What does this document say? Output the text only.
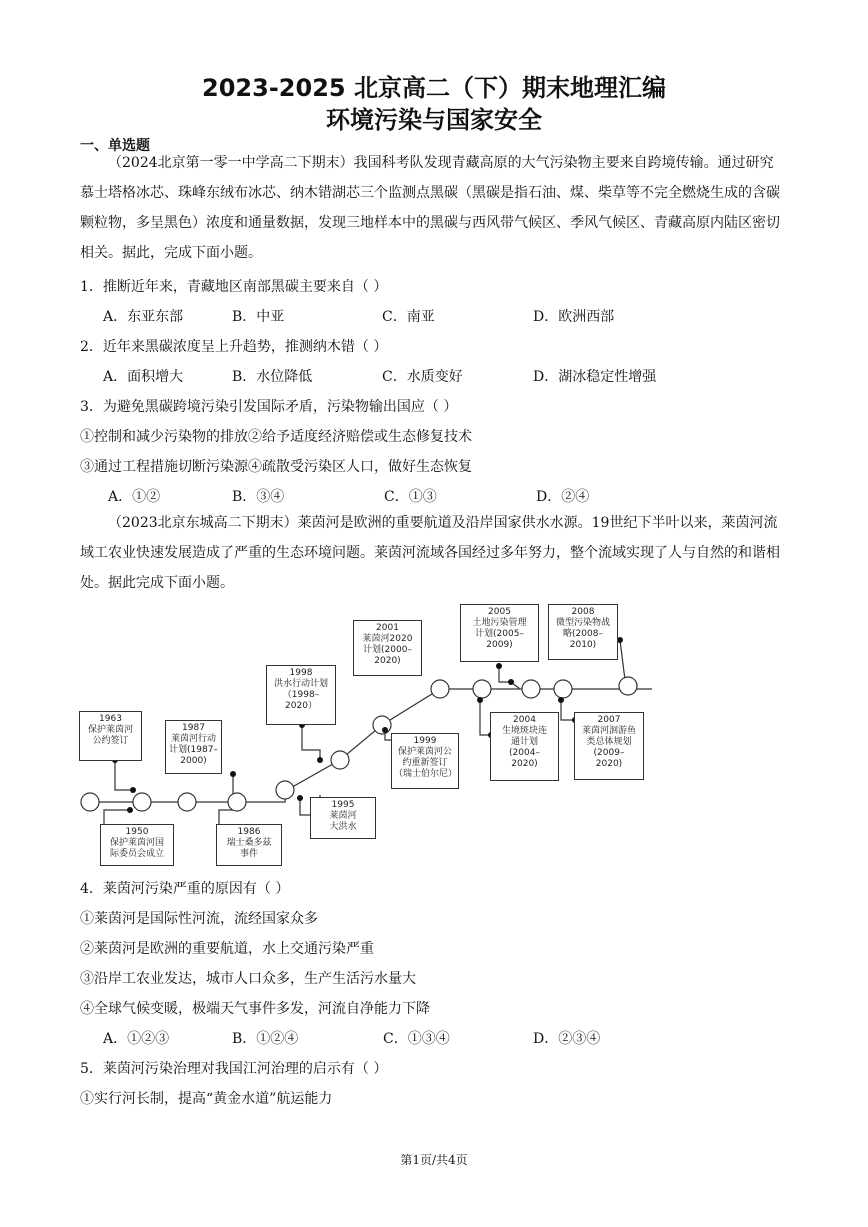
2023-2025 北京高二（下）期末地理汇编
环境污染与国家安全
一、单选题
（2024北京第一零一中学高二下期末）我国科考队发现青藏高原的大气污染物主要来自跨境传输。通过研究慕士塔格冰芯、珠峰东绒布冰芯、纳木错湖芯三个监测点黑碳（黑碳是指石油、煤、柴草等不完全燃烧生成的含碳颗粒物，多呈黑色）浓度和通量数据，发现三地样本中的黑碳与西风带气候区、季风气候区、青藏高原内陆区密切相关。据此，完成下面小题。
1．推断近年来，青藏地区南部黑碳主要来自（ ）
A．东亚东部	B．中亚	C．南亚	D．欧洲西部
2．近年来黑碳浓度呈上升趋势，推测纳木错（ ）
A．面积增大	B．水位降低	C．水质变好	D．湖冰稳定性增强
3．为避免黑碳跨境污染引发国际矛盾，污染物输出国应（ ）
①控制和减少污染物的排放②给予适度经济赔偿或生态修复技术
③通过工程措施切断污染源④疏散受污染区人口，做好生态恢复
A．①②	B．③④	C．①③	D．②④
（2023北京东城高二下期末）莱茵河是欧洲的重要航道及沿岸国家供水水源。19世纪下半叶以来，莱茵河流域工农业快速发展造成了严重的生态环境问题。莱茵河流域各国经过多年努力，整个流域实现了人与自然的和谐相处。据此完成下面小题。
1963
保护莱茵河
公约签订
1950
保护莱茵河国
际委员会成立
1987
莱茵河行动
计划(1987–
2000)
1986
瑞士桑多兹
事件
1998
洪水行动计划
（1998–
2020）
1995
莱茵河
大洪水
2001
莱茵河2020
计划(2000–
2020)
1999
保护莱茵河公
约重新签订
（瑞士伯尔尼）
2005
土地污染管理
计划(2005–
2009)
2004
生境斑块连
通计划
(2004–
2020)
2008
微型污染物战
略(2008–
2010)
2007
莱茵河洄游鱼
类总体规划
(2009–
2020)
4．莱茵河污染严重的原因有（ ）
①莱茵河是国际性河流，流经国家众多
②莱茵河是欧洲的重要航道，水上交通污染严重
③沿岸工农业发达，城市人口众多，生产生活污水量大
④全球气候变暖，极端天气事件多发，河流自净能力下降
A．①②③	B．①②④	C．①③④	D．②③④
5．莱茵河污染治理对我国江河治理的启示有（ ）
①实行河长制，提高“黄金水道”航运能力
第1页/共4页
